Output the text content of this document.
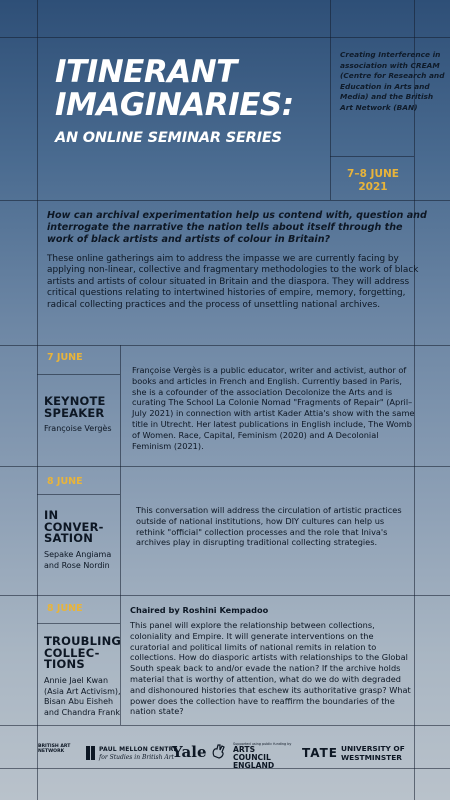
ITINERANT
IMAGINARIES:
AN ONLINE SEMINAR SERIES
Creating Interference in association with CREAM (Centre for Research and Education in Arts and Media) and the British Art Network (BAN)
7–8 JUNE 2021
How can archival experimentation help us contend with, question and interrogate the narrative the nation tells about itself through the work of black artists and artists of colour in Britain?
These online gatherings aim to address the impasse we are currently facing by applying non-linear, collective and fragmentary methodologies to the work of black artists and artists of colour situated in Britain and the diaspora. They will address critical questions relating to intertwined histories of empire, memory, forgetting, radical collecting practices and the process of unsettling national archives.
7 JUNE
KEYNOTE SPEAKER
Françoise Vergès
Françoise Vergès is a public educator, writer and activist, author of books and articles in French and English. Currently based in Paris, she is a cofounder of the association Decolonize the Arts and is curating The School La Colonie Nomad "Fragments of Repair" (April–July 2021) in connection with artist Kader Attia's show with the same title in Utrecht. Her latest publications in English include, The Womb of Women. Race, Capital, Feminism (2020) and A Decolonial Feminism (2021).
8 JUNE
IN CONVER-SATION
Sepake Angiama and Rose Nordin
This conversation will address the circulation of artistic practices outside of national institutions, how DIY cultures can help us rethink "official" collection processes and the role that Iniva's archives play in disrupting traditional collecting strategies.
8 JUNE
TROUBLING COLLEC-TIONS
Annie Jael Kwan (Asia Art Activism), Bisan Abu Eisheh and Chandra Frank
Chaired by Roshini Kempadoo
This panel will explore the relationship between collections, coloniality and Empire. It will generate interventions on the curatorial and political limits of national remits in relation to collections. How do diasporic artists with relationships to the Global South speak back to and/or evade the nation? If the archive holds material that is worthy of attention, what do we do with degraded and dishonoured histories that eschew its authoritative grasp? What power does the collection have to reaffirm the boundaries of the nation state?
BRITISH ART NETWORK	PAUL MELLON CENTRE
for Studies in British Art
Yale	Supported using public funding by
ARTS COUNCIL
ENGLAND
TATE UNIVERSITY OF
WESTMINSTER
